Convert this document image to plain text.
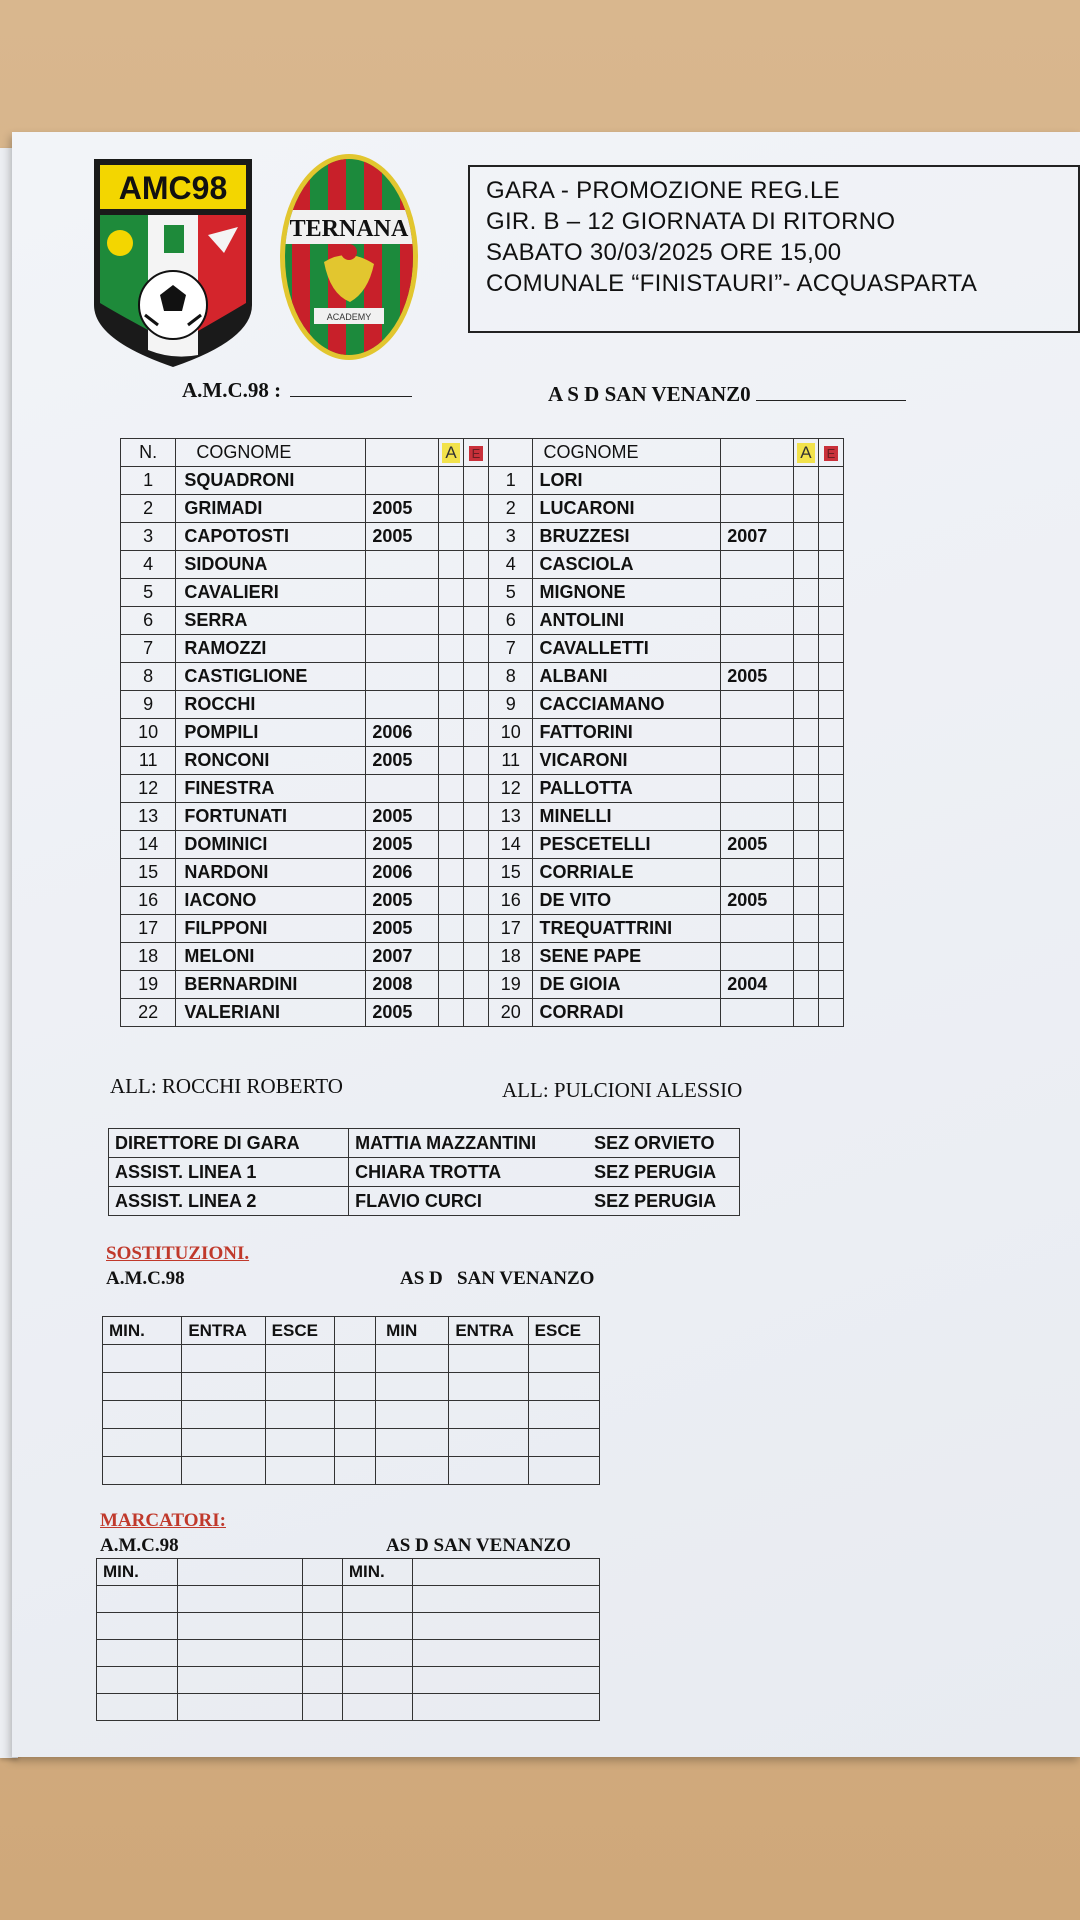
AMC98
TERNANA
ACADEMY
GARA - PROMOZIONE REG.LE
GIR. B – 12 GIORNATA DI RITORNO
SABATO 30/03/2025 ORE 15,00
COMUNALE “FINISTAURI”- ACQUASPARTA
A.M.C.98 :	A S D SAN VENANZ0
N.	COGNOME		A	E		COGNOME		A	E
1	SQUADRONI				1	LORI			
2	GRIMADI	2005			2	LUCARONI			
3	CAPOTOSTI	2005			3	BRUZZESI	2007		
4	SIDOUNA				4	CASCIOLA			
5	CAVALIERI				5	MIGNONE			
6	SERRA				6	ANTOLINI			
7	RAMOZZI				7	CAVALLETTI			
8	CASTIGLIONE				8	ALBANI	2005		
9	ROCCHI				9	CACCIAMANO			
10	POMPILI	2006			10	FATTORINI			
11	RONCONI	2005			11	VICARONI			
12	FINESTRA				12	PALLOTTA			
13	FORTUNATI	2005			13	MINELLI			
14	DOMINICI	2005			14	PESCETELLI	2005		
15	NARDONI	2006			15	CORRIALE			
16	IACONO	2005			16	DE VITO	2005		
17	FILPPONI	2005			17	TREQUATTRINI			
18	MELONI	2007			18	SENE PAPE			
19	BERNARDINI	2008			19	DE GIOIA	2004		
22	VALERIANI	2005			20	CORRADI			
ALL: ROCCHI ROBERTO	ALL: PULCIONI ALESSIO
DIRETTORE DI GARA	MATTIA MAZZANTINI	SEZ ORVIETO
ASSIST. LINEA 1	CHIARA TROTTA	SEZ PERUGIA
ASSIST. LINEA 2	FLAVIO CURCI	SEZ PERUGIA
SOSTITUZIONI.
A.M.C.98	AS D   SAN VENANZO
MIN.	ENTRA	ESCE		MIN	ENTRA	ESCE

MARCATORI:
A.M.C.98	AS D SAN VENANZO
MIN.			MIN.	
